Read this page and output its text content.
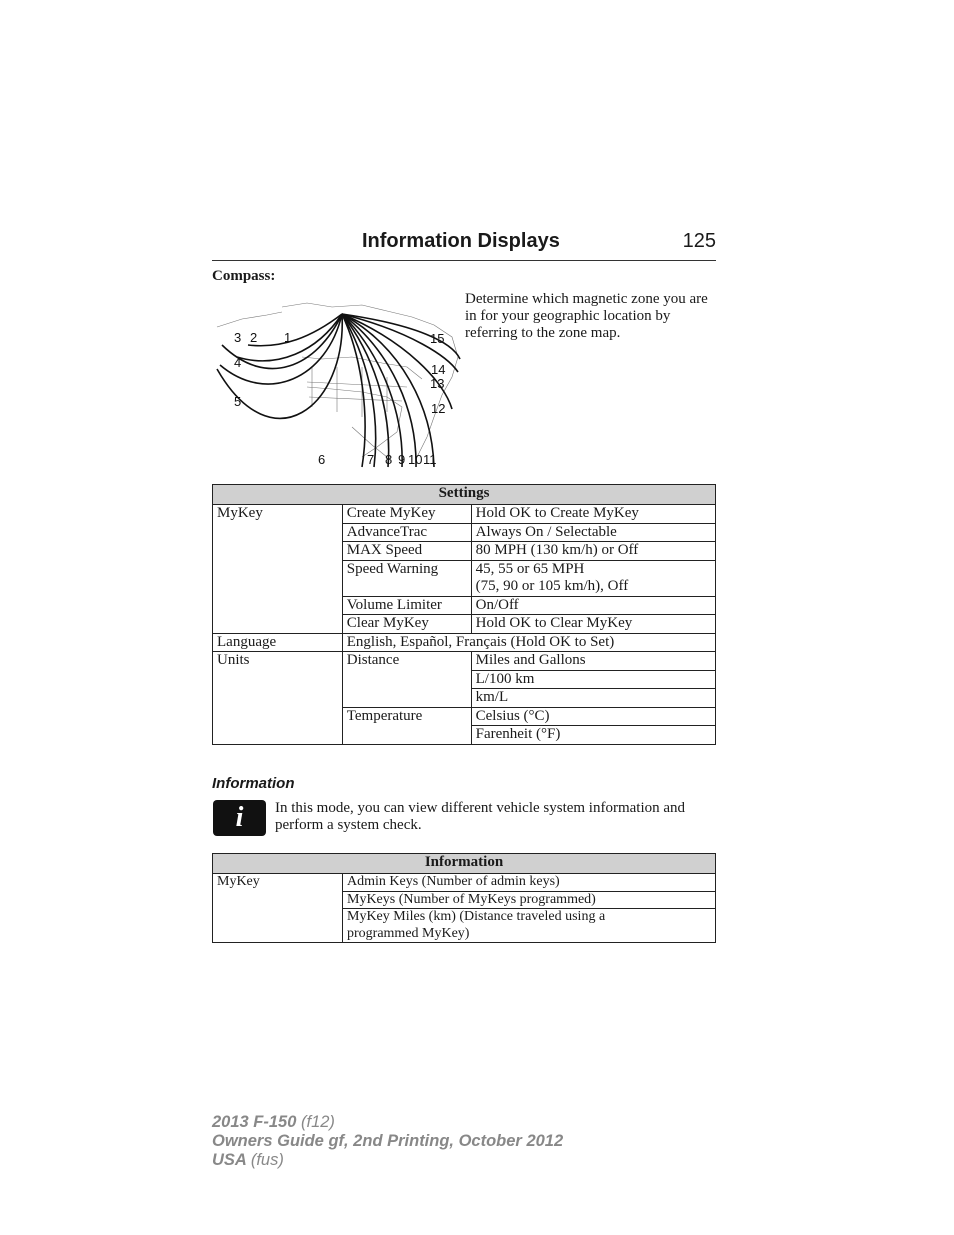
Information Displays	125
Compass:
1
2
3
4
5
6	7 8 9 10 11
12
13
14
15
Determine which magnetic zone you are in for your geographic location by referring to the zone map.
Settings		
MyKey	Create MyKey	Hold OK to Create MyKey
	AdvanceTrac	Always On / Selectable
	MAX Speed	80 MPH (130 km/h) or Off
	Speed Warning	45, 55 or 65 MPH
(75, 90 or 105 km/h), Off

	Volume Limiter	On/Off
	Clear MyKey	Hold OK to Clear MyKey
Language	English, Español, Français (Hold OK to Set)	
Units	Distance	Miles and Gallons
		L/100 km
		km/L
	Temperature	Celsius (°C)
		Farenheit (°F)
Information
i	In this mode, you can view different vehicle system information and perform a system check.
Information
MyKey	Admin Keys (Number of admin keys)
MyKeys (Number of MyKeys programmed)
MyKey Miles (km) (Distance traveled using a programmed MyKey)
2013 F-150 (f12)
Owners Guide gf, 2nd Printing, October 2012
USA (fus)
